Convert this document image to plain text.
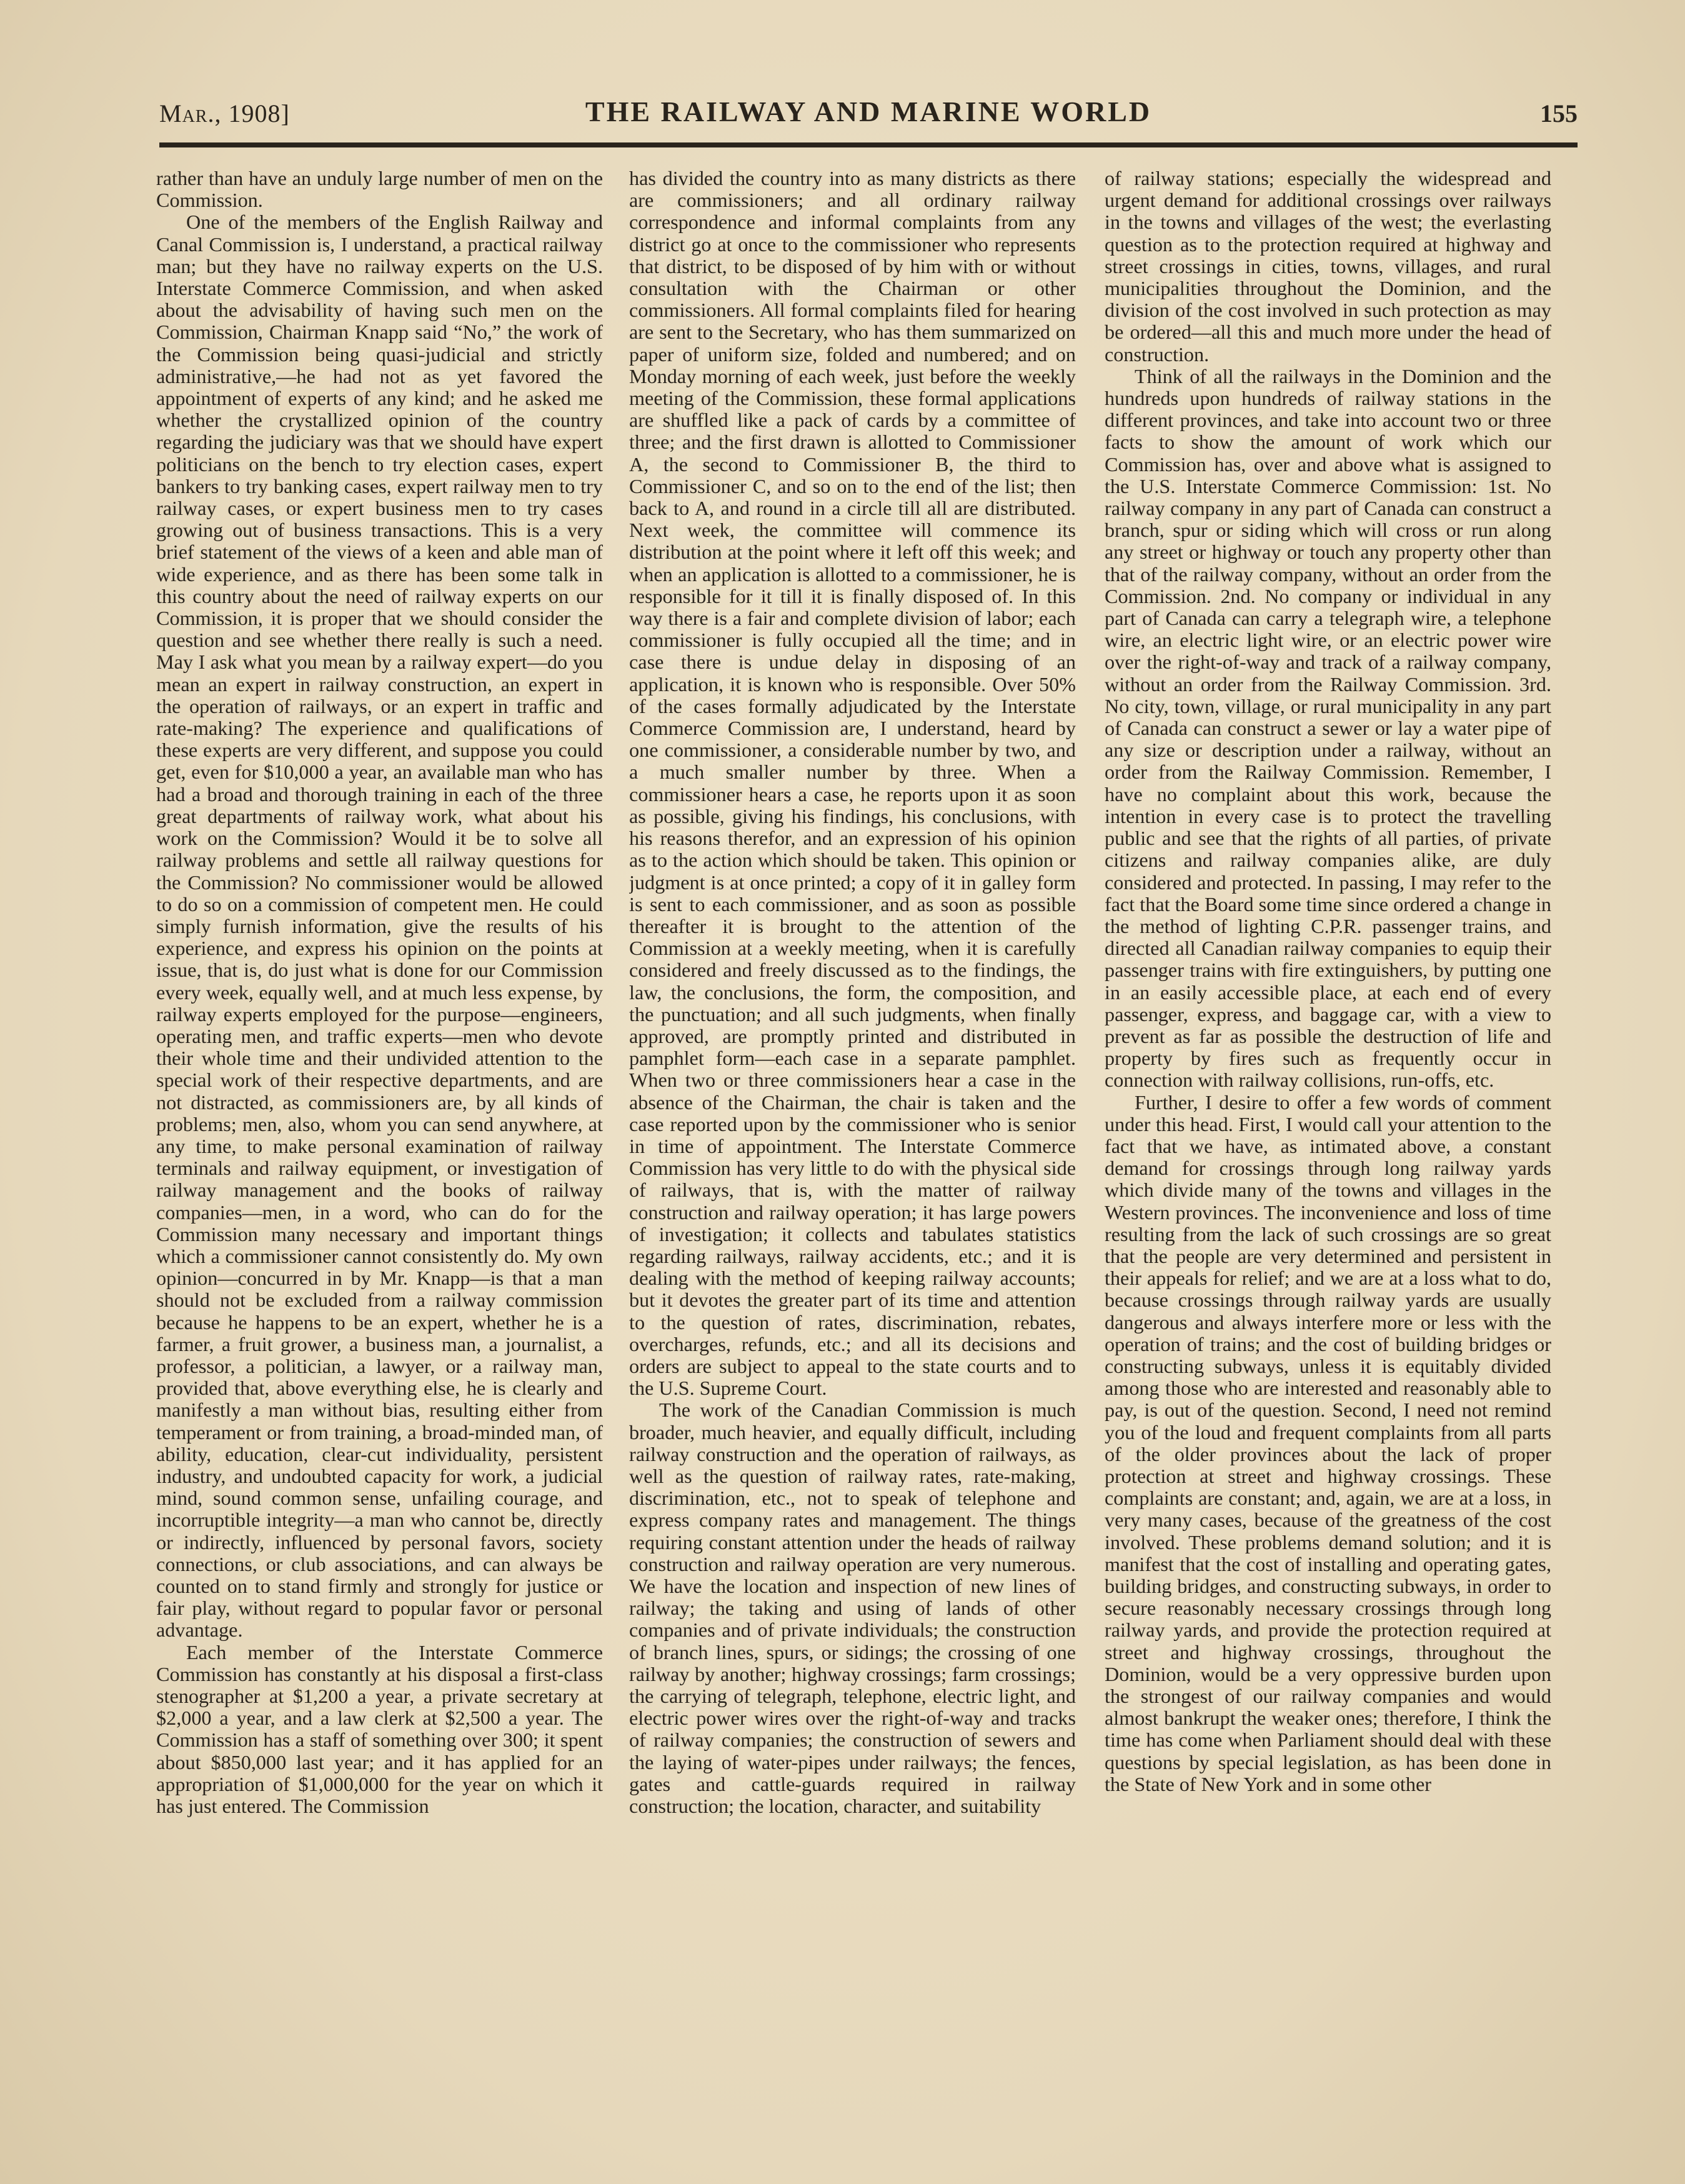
Mar., 1908]	THE RAILWAY AND MARINE WORLD	155

rather than have an unduly large number of men on the Commission.

One of the members of the English Railway and Canal Commission is, I understand, a practical railway man; but they have no railway experts on the U.S. Interstate Commerce Commission, and when asked about the advisability of having such men on the Commission, Chairman Knapp said “No,” the work of the Commission being quasi-judicial and strictly administrative,—he had not as yet favored the appointment of experts of any kind; and he asked me whether the crystallized opinion of the country regarding the judiciary was that we should have expert politicians on the bench to try election cases, expert bankers to try banking cases, expert railway men to try railway cases, or expert business men to try cases growing out of business transactions. This is a very brief statement of the views of a keen and able man of wide experience, and as there has been some talk in this country about the need of railway experts on our Commission, it is proper that we should consider the question and see whether there really is such a need. May I ask what you mean by a railway expert—do you mean an expert in railway construction, an expert in the operation of railways, or an expert in traffic and rate-making? The experience and qualifications of these experts are very different, and suppose you could get, even for $10,000 a year, an available man who has had a broad and thorough training in each of the three great departments of railway work, what about his work on the Commission? Would it be to solve all railway problems and settle all railway questions for the Commission? No commissioner would be allowed to do so on a commission of competent men. He could simply furnish information, give the results of his experience, and express his opinion on the points at issue, that is, do just what is done for our Commission every week, equally well, and at much less expense, by railway experts employed for the purpose—engineers, operating men, and traffic experts—men who devote their whole time and their undivided attention to the special work of their respective departments, and are not distracted, as commissioners are, by all kinds of problems; men, also, whom you can send anywhere, at any time, to make personal examination of railway terminals and railway equipment, or investigation of railway management and the books of railway companies—men, in a word, who can do for the Commission many necessary and important things which a commissioner cannot consistently do. My own opinion—concurred in by Mr. Knapp—is that a man should not be excluded from a railway commission because he happens to be an expert, whether he is a farmer, a fruit grower, a business man, a journalist, a professor, a politician, a lawyer, or a railway man, provided that, above everything else, he is clearly and manifestly a man without bias, resulting either from temperament or from training, a broad-minded man, of ability, education, clear-cut individuality, persistent industry, and undoubted capacity for work, a judicial mind, sound common sense, unfailing courage, and incorruptible integrity—a man who cannot be, directly or indirectly, influenced by personal favors, society connections, or club associations, and can always be counted on to stand firmly and strongly for justice or fair play, without regard to popular favor or personal advantage.

Each member of the Interstate Commerce Commission has constantly at his disposal a first-class stenographer at $1,200 a year, a private secretary at $2,000 a year, and a law clerk at $2,500 a year. The Commission has a staff of something over 300; it spent about $850,000 last year; and it has applied for an appropriation of $1,000,000 for the year on which it has just entered. The Commission

has divided the country into as many districts as there are commissioners; and all ordinary railway correspondence and informal complaints from any district go at once to the commissioner who represents that district, to be disposed of by him with or without consultation with the Chairman or other commissioners. All formal complaints filed for hearing are sent to the Secretary, who has them summarized on paper of uniform size, folded and numbered; and on Monday morning of each week, just before the weekly meeting of the Commission, these formal applications are shuffled like a pack of cards by a committee of three; and the first drawn is allotted to Commissioner A, the second to Commissioner B, the third to Commissioner C, and so on to the end of the list; then back to A, and round in a circle till all are distributed. Next week, the committee will commence its distribution at the point where it left off this week; and when an application is allotted to a commissioner, he is responsible for it till it is finally disposed of. In this way there is a fair and complete division of labor; each commissioner is fully occupied all the time; and in case there is undue delay in disposing of an application, it is known who is responsible. Over 50% of the cases formally adjudicated by the Interstate Commerce Commission are, I understand, heard by one commissioner, a considerable number by two, and a much smaller number by three. When a commissioner hears a case, he reports upon it as soon as possible, giving his findings, his conclusions, with his reasons therefor, and an expression of his opinion as to the action which should be taken. This opinion or judgment is at once printed; a copy of it in galley form is sent to each commissioner, and as soon as possible thereafter it is brought to the attention of the Commission at a weekly meeting, when it is carefully considered and freely discussed as to the findings, the law, the conclusions, the form, the composition, and the punctuation; and all such judgments, when finally approved, are promptly printed and distributed in pamphlet form—each case in a separate pamphlet. When two or three commissioners hear a case in the absence of the Chairman, the chair is taken and the case reported upon by the commissioner who is senior in time of appointment. The Interstate Commerce Commission has very little to do with the physical side of railways, that is, with the matter of railway construction and railway operation; it has large powers of investigation; it collects and tabulates statistics regarding railways, railway accidents, etc.; and it is dealing with the method of keeping railway accounts; but it devotes the greater part of its time and attention to the question of rates, discrimination, rebates, overcharges, refunds, etc.; and all its decisions and orders are subject to appeal to the state courts and to the U.S. Supreme Court.

The work of the Canadian Commission is much broader, much heavier, and equally difficult, including railway construction and the operation of railways, as well as the question of railway rates, rate-making, discrimination, etc., not to speak of telephone and express company rates and management. The things requiring constant attention under the heads of railway construction and railway operation are very numerous. We have the location and inspection of new lines of railway; the taking and using of lands of other companies and of private individuals; the construction of branch lines, spurs, or sidings; the crossing of one railway by another; highway crossings; farm crossings; the carrying of telegraph, telephone, electric light, and electric power wires over the right-of-way and tracks of railway companies; the construction of sewers and the laying of water-pipes under railways; the fences, gates and cattle-guards required in railway construction; the location, character, and suitability

of railway stations; especially the widespread and urgent demand for additional crossings over railways in the towns and villages of the west; the everlasting question as to the protection required at highway and street crossings in cities, towns, villages, and rural municipalities throughout the Dominion, and the division of the cost involved in such protection as may be ordered—all this and much more under the head of construction.

Think of all the railways in the Dominion and the hundreds upon hundreds of railway stations in the different provinces, and take into account two or three facts to show the amount of work which our Commission has, over and above what is assigned to the U.S. Interstate Commerce Commission: 1st. No railway company in any part of Canada can construct a branch, spur or siding which will cross or run along any street or highway or touch any property other than that of the railway company, without an order from the Commission. 2nd. No company or individual in any part of Canada can carry a telegraph wire, a telephone wire, an electric light wire, or an electric power wire over the right-of-way and track of a railway company, without an order from the Railway Commission. 3rd. No city, town, village, or rural municipality in any part of Canada can construct a sewer or lay a water pipe of any size or description under a railway, without an order from the Railway Commission. Remember, I have no complaint about this work, because the intention in every case is to protect the travelling public and see that the rights of all parties, of private citizens and railway companies alike, are duly considered and protected. In passing, I may refer to the fact that the Board some time since ordered a change in the method of lighting C.P.R. passenger trains, and directed all Canadian railway companies to equip their passenger trains with fire extinguishers, by putting one in an easily accessible place, at each end of every passenger, express, and baggage car, with a view to prevent as far as possible the destruction of life and property by fires such as frequently occur in connection with railway collisions, run-offs, etc.

Further, I desire to offer a few words of comment under this head. First, I would call your attention to the fact that we have, as intimated above, a constant demand for crossings through long railway yards which divide many of the towns and villages in the Western provinces. The inconvenience and loss of time resulting from the lack of such crossings are so great that the people are very determined and persistent in their appeals for relief; and we are at a loss what to do, because crossings through railway yards are usually dangerous and always interfere more or less with the operation of trains; and the cost of building bridges or constructing subways, unless it is equitably divided among those who are interested and reasonably able to pay, is out of the question. Second, I need not remind you of the loud and frequent complaints from all parts of the older provinces about the lack of proper protection at street and highway crossings. These complaints are constant; and, again, we are at a loss, in very many cases, because of the greatness of the cost involved. These problems demand solution; and it is manifest that the cost of installing and operating gates, building bridges, and constructing subways, in order to secure reasonably necessary crossings through long railway yards, and provide the protection required at street and highway crossings, throughout the Dominion, would be a very oppressive burden upon the strongest of our railway companies and would almost bankrupt the weaker ones; therefore, I think the time has come when Parliament should deal with these questions by special legislation, as has been done in the State of New York and in some other
